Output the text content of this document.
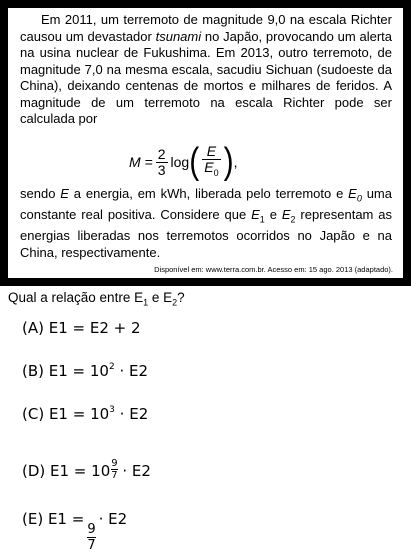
Em 2011, um terremoto de magnitude 9,0 na escala Richter causou um devastador tsunami no Japão, provocando um alerta na usina nuclear de Fukushima. Em 2013, outro terremoto, de magnitude 7,0 na mesma escala, sacudiu Sichuan (sudoeste da China), deixando centenas de mortos e milhares de feridos. A magnitude de um terremoto na escala Richter pode ser calculada por
$M = \frac{2}{3}$ log ( $\frac{E}{E_0}$ ) ,
sendo E a energia, em kWh, liberada pelo terremoto e $E_0$ uma constante real positiva. Considere que $E_1$ e $E_2$ representam as energias liberadas nos terremotos ocorridos no Japão e na China, respectivamente.
Disponível em: www.terra.com.br. Acesso em: 15 ago. 2013 (adaptado).
Qual a relação entre $E_1$ e $E_2$?
(A) E1 = E2 + 2
(B) $E1 = 10^2 \cdot E2$
(C) $E1 = 10^3 \cdot E2$
(D) $E1 = 10 \frac{9}{7} \cdot E2$
(E) E1 =
$\frac{9}{7}$
· E2
